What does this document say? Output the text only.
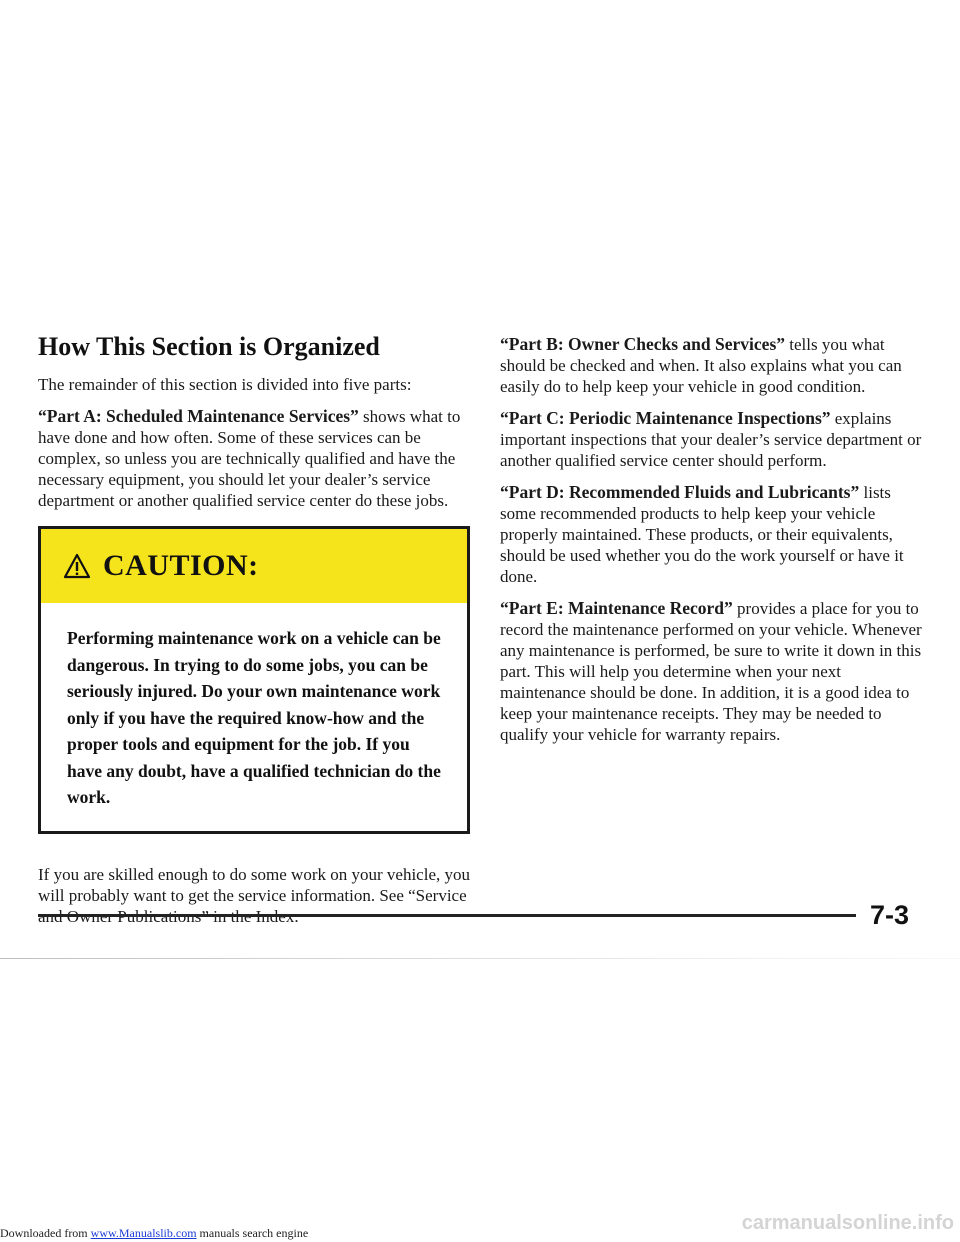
How This Section is Organized

The remainder of this section is divided into five parts:

“Part A: Scheduled Maintenance Services” shows what to have done and how often. Some of these services can be complex, so unless you are technically qualified and have the necessary equipment, you should let your dealer’s service department or another qualified service center do these jobs.

CAUTION:
Performing maintenance work on a vehicle can be dangerous. In trying to do some jobs, you can be seriously injured. Do your own maintenance work only if you have the required know-how and the proper tools and equipment for the job. If you have any doubt, have a qualified technician do the work.

If you are skilled enough to do some work on your vehicle, you will probably want to get the service information. See “Service

“Part B: Owner Checks and Services” tells you what should be checked and when. It also explains what you can easily do to help keep your vehicle in good condition.

“Part C: Periodic Maintenance Inspections” explains important inspections that your dealer’s service department or another qualified service center should perform.

“Part D: Recommended Fluids and Lubricants” lists some recommended products to help keep your vehicle properly maintained. These products, or their equivalents, should be used whether you do the work yourself or have it done.

“Part E: Maintenance Record” provides a place for you to record the maintenance performed on your vehicle. Whenever any maintenance is performed, be sure to write it down in this part. This will help you determine when your next maintenance should be done. In addition, it is a good idea to keep your maintenance receipts. They may be needed to qualify your vehicle for warranty repairs.

7-3
carmanualsonline.info
Downloaded from www.Manualslib.com manuals search engine
